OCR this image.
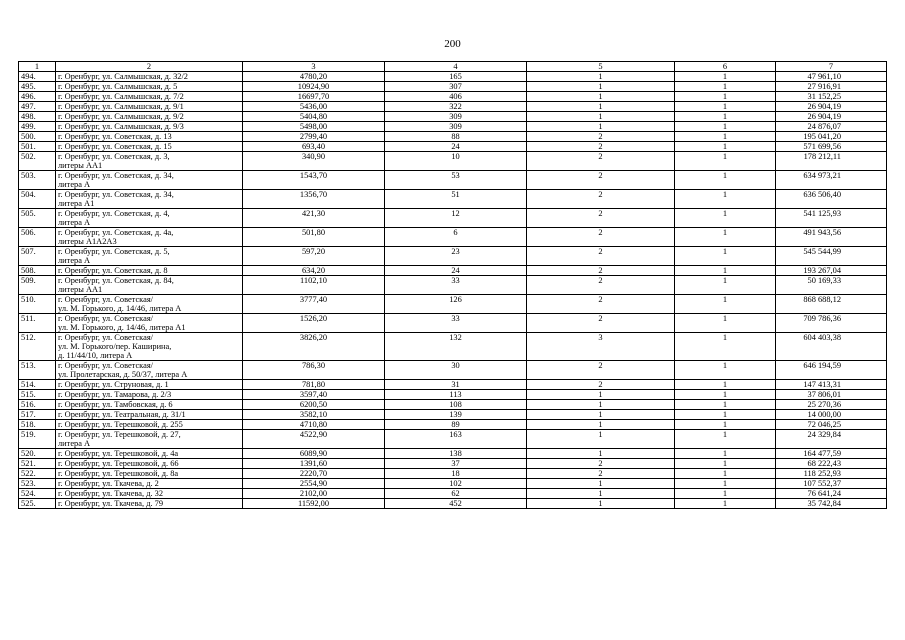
200
1	2	3	4	5	6	7
494.	г. Оренбург, ул. Салмышская, д. 32/2	4780,20	165	1	1	47 961,10
495.	г. Оренбург, ул. Салмышская, д. 5	10924,90	307	1	1	27 916,91
496.	г. Оренбург, ул. Салмышская, д. 7/2	16697,70	406	1	1	31 152,25
497.	г. Оренбург, ул. Салмышская, д. 9/1	5436,00	322	1	1	26 904,19
498.	г. Оренбург, ул. Салмышская, д. 9/2	5404,80	309	1	1	26 904,19
499.	г. Оренбург, ул. Салмышская, д. 9/3	5498,00	309	1	1	24 876,07
500.	г. Оренбург, ул. Советская, д. 13	2799,40	88	2	1	195 041,20
501.	г. Оренбург, ул. Советская, д. 15	693,40	24	2	1	571 699,56
502.	г. Оренбург, ул. Советская, д. 3,
литеры АА1	340,90	10	2	1	178 212,11
503.	г. Оренбург, ул. Советская, д. 34,
литера А	1543,70	53	2	1	634 973,21
504.	г. Оренбург, ул. Советская, д. 34,
литера А1	1356,70	51	2	1	636 506,40
505.	г. Оренбург, ул. Советская, д. 4,
литера А	421,30	12	2	1	541 125,93
506.	г. Оренбург, ул. Советская, д. 4а,
литеры А1А2А3	501,80	6	2	1	491 943,56
507.	г. Оренбург, ул. Советская, д. 5,
литера А	597,20	23	2	1	545 544,99
508.	г. Оренбург, ул. Советская, д. 8	634,20	24	2	1	193 267,04
509.	г. Оренбург, ул. Советская, д. 84,
литеры АА1	1102,10	33	2	1	50 169,33
510.	г. Оренбург, ул. Советская/
ул. М. Горького, д. 14/46, литера А	3777,40	126	2	1	868 688,12
511.	г. Оренбург, ул. Советская/
ул. М. Горького, д. 14/46, литера А1	1526,20	33	2	1	709 786,36
512.	г. Оренбург, ул. Советская/
ул. М. Горького/пер. Каширина,
д. 11/44/10, литера А	3826,20	132	3	1	604 403,38
513.	г. Оренбург, ул. Советская/
ул. Пролетарская, д. 50/37, литера А	786,30	30	2	1	646 194,59
514.	г. Оренбург, ул. Струновая, д. 1	781,80	31	2	1	147 413,31
515.	г. Оренбург, ул. Тамарова, д. 2/3	3597,40	113	1	1	37 806,01
516.	г. Оренбург, ул. Тамбовская, д. 6	6200,50	108	1	1	25 270,36
517.	г. Оренбург, ул. Театральная, д. 31/1	3582,10	139	1	1	14 000,00
518.	г. Оренбург, ул. Терешковой, д. 255	4710,80	89	1	1	72 046,25
519.	г. Оренбург, ул. Терешковой, д. 27,
литера А	4522,90	163	1	1	24 329,84
520.	г. Оренбург, ул. Терешковой, д. 4а	6089,90	138	1	1	164 477,59
521.	г. Оренбург, ул. Терешковой, д. 66	1391,60	37	2	1	68 222,43
522.	г. Оренбург, ул. Терешковой, д. 8а	2220,70	18	2	1	118 252,93
523.	г. Оренбург, ул. Ткачева, д. 2	2554,90	102	1	1	107 552,37
524.	г. Оренбург, ул. Ткачева, д. 32	2102,00	62	1	1	76 641,24
525.	г. Оренбург, ул. Ткачева, д. 79	11592,00	452	1	1	35 742,84
